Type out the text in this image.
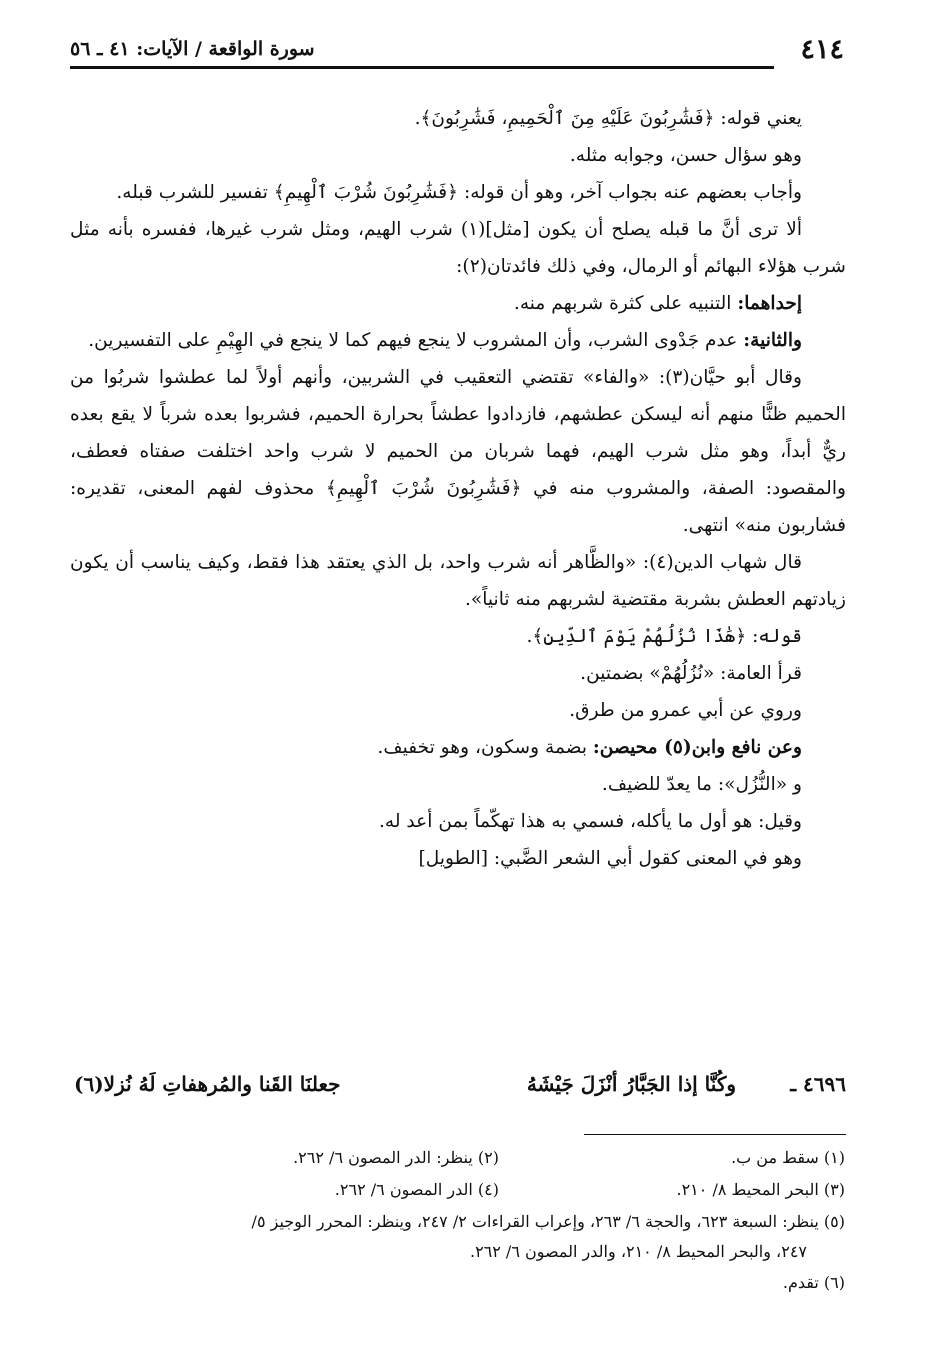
٤١٤
سورة الواقعة / الآيات: ٤١ ـ ٥٦

يعني قوله: ﴿فَشَٰرِبُونَ عَلَيْهِ مِنَ ٱلْحَمِيمِ، فَشَٰرِبُونَ﴾.

وهو سؤال حسن، وجوابه مثله.

وأجاب بعضهم عنه بجواب آخر، وهو أن قوله: ﴿فَشَٰرِبُونَ شُرْبَ ٱلْهِيمِ﴾ تفسير للشرب قبله.

ألا ترى أنَّ ما قبله يصلح أن يكون [مثل](١) شرب الهيم، ومثل شرب غيرها، ففسره بأنه مثل شرب هؤلاء البهائم أو الرمال، وفي ذلك فائدتان(٢):

إحداهما: التنبيه على كثرة شربهم منه.

والثانية: عدم جَدْوى الشرب، وأن المشروب لا ينجع فيهم كما لا ينجع في الهِيْمِ على التفسيرين.

وقال أبو حيَّان(٣): «والفاء» تقتضي التعقيب في الشربين، وأنهم أولاً لما عطشوا شربُوا من الحميم ظنًّا منهم أنه ليسكن عطشهم، فازدادوا عطشاً بحرارة الحميم، فشربوا بعده شرباً لا يقع بعده ريٌّ أبداً، وهو مثل شرب الهيم، فهما شربان من الحميم لا شرب واحد اختلفت صفتاه فعطف، والمقصود: الصفة، والمشروب منه في ﴿فَشَٰرِبُونَ شُرْبَ ٱلْهِيمِ﴾ محذوف لفهم المعنى، تقديره: فشاربون منه» انتهى.

قال شهاب الدين(٤): «والظَّاهر أنه شرب واحد، بل الذي يعتقد هذا فقط، وكيف يناسب أن يكون زيادتهم العطش بشربة مقتضية لشربهم منه ثانياً».

قوله: ﴿هَٰذَا نُزُلُهُمْ يَوْمَ ٱلدِّينِ﴾.

قرأ العامة: «نُزُلُهُمْ» بضمتين.

وروي عن أبي عمرو من طرق.

وعن نافع وابن(٥) محيصن: بضمة وسكون، وهو تخفيف.

و «النُّزُل»: ما يعدّ للضيف.

وقيل: هو أول ما يأكله، فسمي به هذا تهكّماً بمن أعد له.

وهو في المعنى كقول أبي الشعر الضَّبي: [الطويل]

٤٦٩٦ ـ
وكُنَّا إذا الجَبَّارُ أنْزَلَ جَيْشَهُ
جعلنَا القَنا والمُرهفاتِ لَهُ نُزلا(٦)
(١) سقط من ب.
(٢) ينظر: الدر المصون ٦/ ٢٦٢.
(٣) البحر المحيط ٨/ ٢١٠.
(٤) الدر المصون ٦/ ٢٦٢.
(٥) ينظر: السبعة ٦٢٣، والحجة ٦/ ٢٦٣، وإعراب القراءات ٢/ ٢٤٧، وينظر: المحرر الوجيز ٥/
٢٤٧، والبحر المحيط ٨/ ٢١٠، والدر المصون ٦/ ٢٦٢.
(٦) تقدم.
